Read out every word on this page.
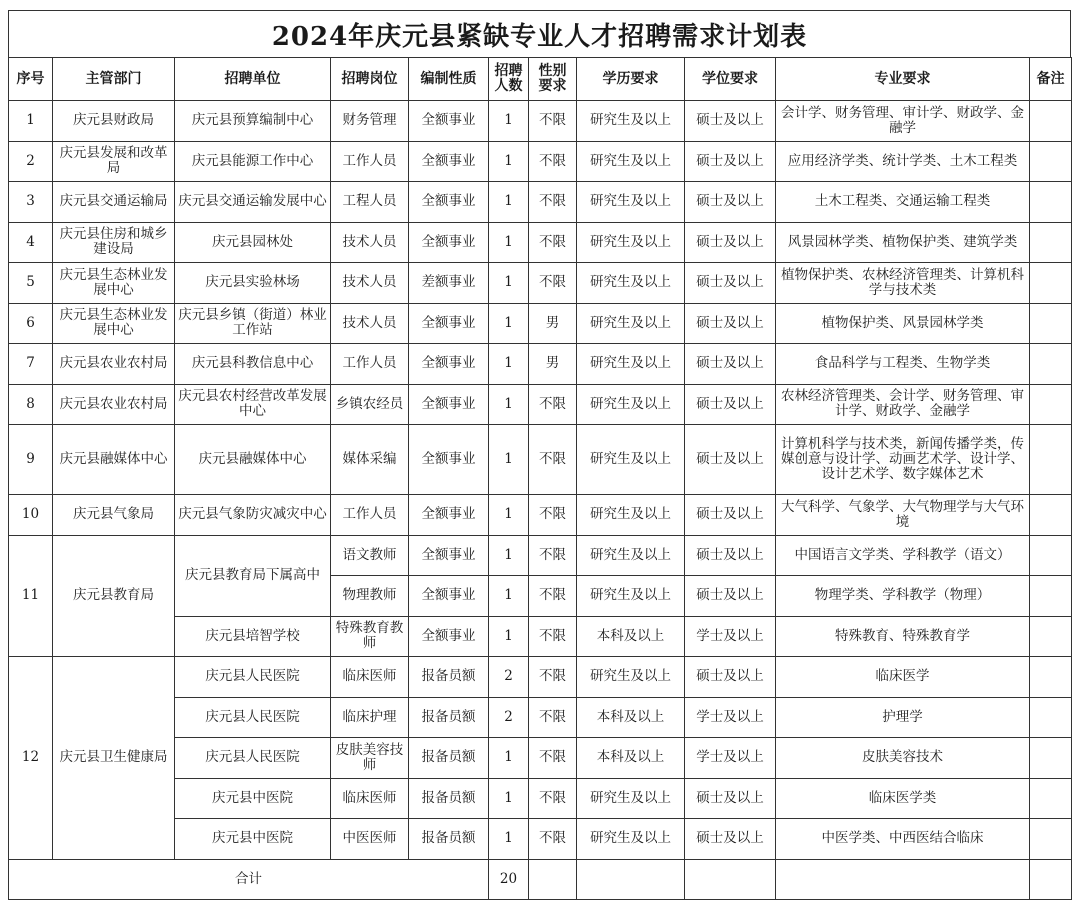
2024年庆元县紧缺专业人才招聘需求计划表
序号	主管部门	招聘单位	招聘岗位	编制性质	招聘人数	性别要求	学历要求	学位要求	专业要求	备注
1	庆元县财政局	庆元县预算编制中心	财务管理	全额事业	1	不限	研究生及以上	硕士及以上	会计学、财务管理、审计学、财政学、金融学	
2	庆元县发展和改革局	庆元县能源工作中心	工作人员	全额事业	1	不限	研究生及以上	硕士及以上	应用经济学类、统计学类、土木工程类	
3	庆元县交通运输局	庆元县交通运输发展中心	工程人员	全额事业	1	不限	研究生及以上	硕士及以上	土木工程类、交通运输工程类	
4	庆元县住房和城乡建设局	庆元县园林处	技术人员	全额事业	1	不限	研究生及以上	硕士及以上	风景园林学类、植物保护类、建筑学类	
5	庆元县生态林业发展中心	庆元县实验林场	技术人员	差额事业	1	不限	研究生及以上	硕士及以上	植物保护类、农林经济管理类、计算机科学与技术类	
6	庆元县生态林业发展中心	庆元县乡镇（街道）林业工作站	技术人员	全额事业	1	男	研究生及以上	硕士及以上	植物保护类、风景园林学类	
7	庆元县农业农村局	庆元县科教信息中心	工作人员	全额事业	1	男	研究生及以上	硕士及以上	食品科学与工程类、生物学类	
8	庆元县农业农村局	庆元县农村经营改革发展中心	乡镇农经员	全额事业	1	不限	研究生及以上	硕士及以上	农林经济管理类、会计学、财务管理、审计学、财政学、金融学	
9	庆元县融媒体中心	庆元县融媒体中心	媒体采编	全额事业	1	不限	研究生及以上	硕士及以上	计算机科学与技术类，新闻传播学类，传媒创意与设计学、动画艺术学、设计学、设计艺术学、数字媒体艺术	
10	庆元县气象局	庆元县气象防灾减灾中心	工作人员	全额事业	1	不限	研究生及以上	硕士及以上	大气科学、气象学、大气物理学与大气环境	
11	庆元县教育局	庆元县教育局下属高中	语文教师	全额事业	1	不限	研究生及以上	硕士及以上	中国语言文学类、学科教学（语文）	
			物理教师	全额事业	1	不限	研究生及以上	硕士及以上	物理学类、学科教学（物理）	
		庆元县培智学校	特殊教育教师	全额事业	1	不限	本科及以上	学士及以上	特殊教育、特殊教育学	
12	庆元县卫生健康局	庆元县人民医院	临床医师	报备员额	2	不限	研究生及以上	硕士及以上	临床医学	
		庆元县人民医院	临床护理	报备员额	2	不限	本科及以上	学士及以上	护理学	
		庆元县人民医院	皮肤美容技师	报备员额	1	不限	本科及以上	学士及以上	皮肤美容技术	
		庆元县中医院	临床医师	报备员额	1	不限	研究生及以上	硕士及以上	临床医学类	
		庆元县中医院	中医医师	报备员额	1	不限	研究生及以上	硕士及以上	中医学类、中西医结合临床	
合计					20					
